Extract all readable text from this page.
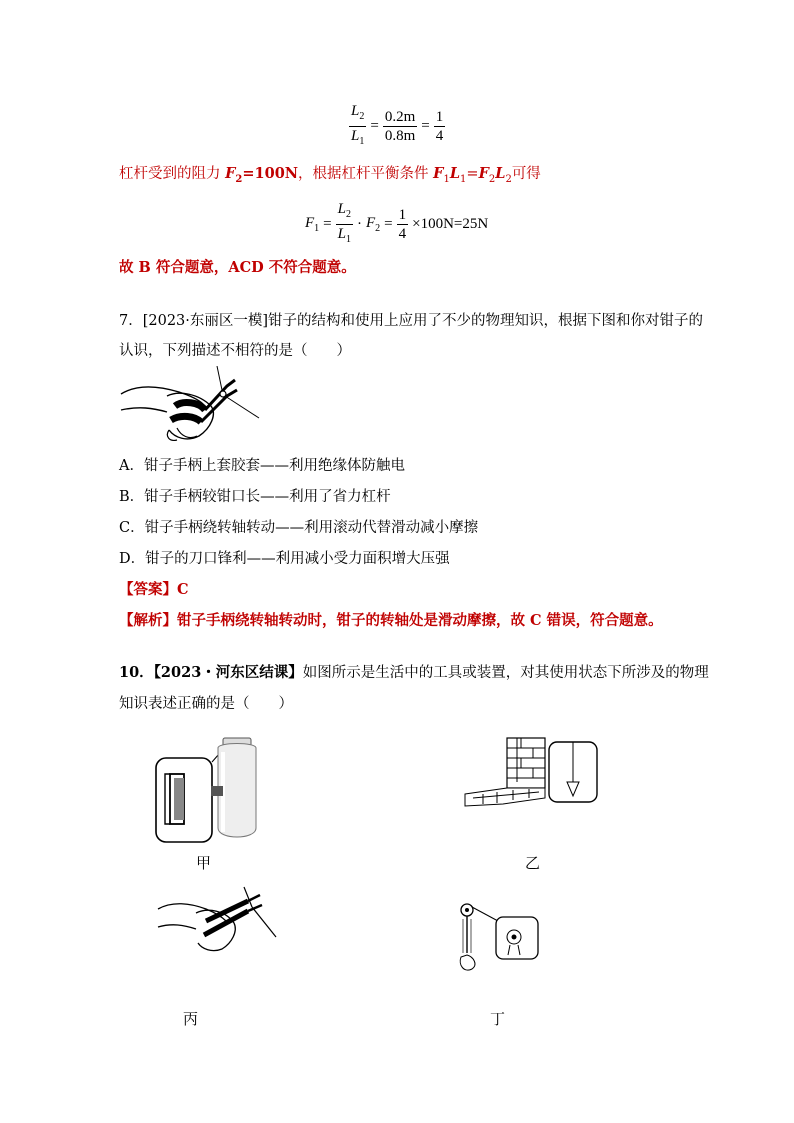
$\frac{L_2}{L_1} = \frac{0.2m}{0.8m} = \frac{1}{4}$
杠杆受到的阻力 $F_2=100N$，根据杠杆平衡条件 $F_1L_1=F_2L_2$可得
$F_1 = \frac{L_2}{L_1} \cdot F_2 = \frac{1}{4} \times 100N=25N$
故 B 符合题意，ACD 不符合题意。
7．[2023·东丽区一模]钳子的结构和使用上应用了不少的物理知识，根据下图和你对钳子的
认识，下列描述不相符的是（　　）
A．钳子手柄上套胶套——利用绝缘体防触电
B．钳子手柄较钳口长——利用了省力杠杆
C．钳子手柄绕转轴转动——利用滚动代替滑动减小摩擦
D．钳子的刀口锋利——利用减小受力面积增大压强
【答案】C
【解析】钳子手柄绕转轴转动时，钳子的转轴处是滑动摩擦，故 C 错误，符合题意。
10．【2023・河东区结课】如图所示是生活中的工具或装置，对其使用状态下所涉及的物理
知识表述正确的是（　　）
甲	乙
丙	丁
